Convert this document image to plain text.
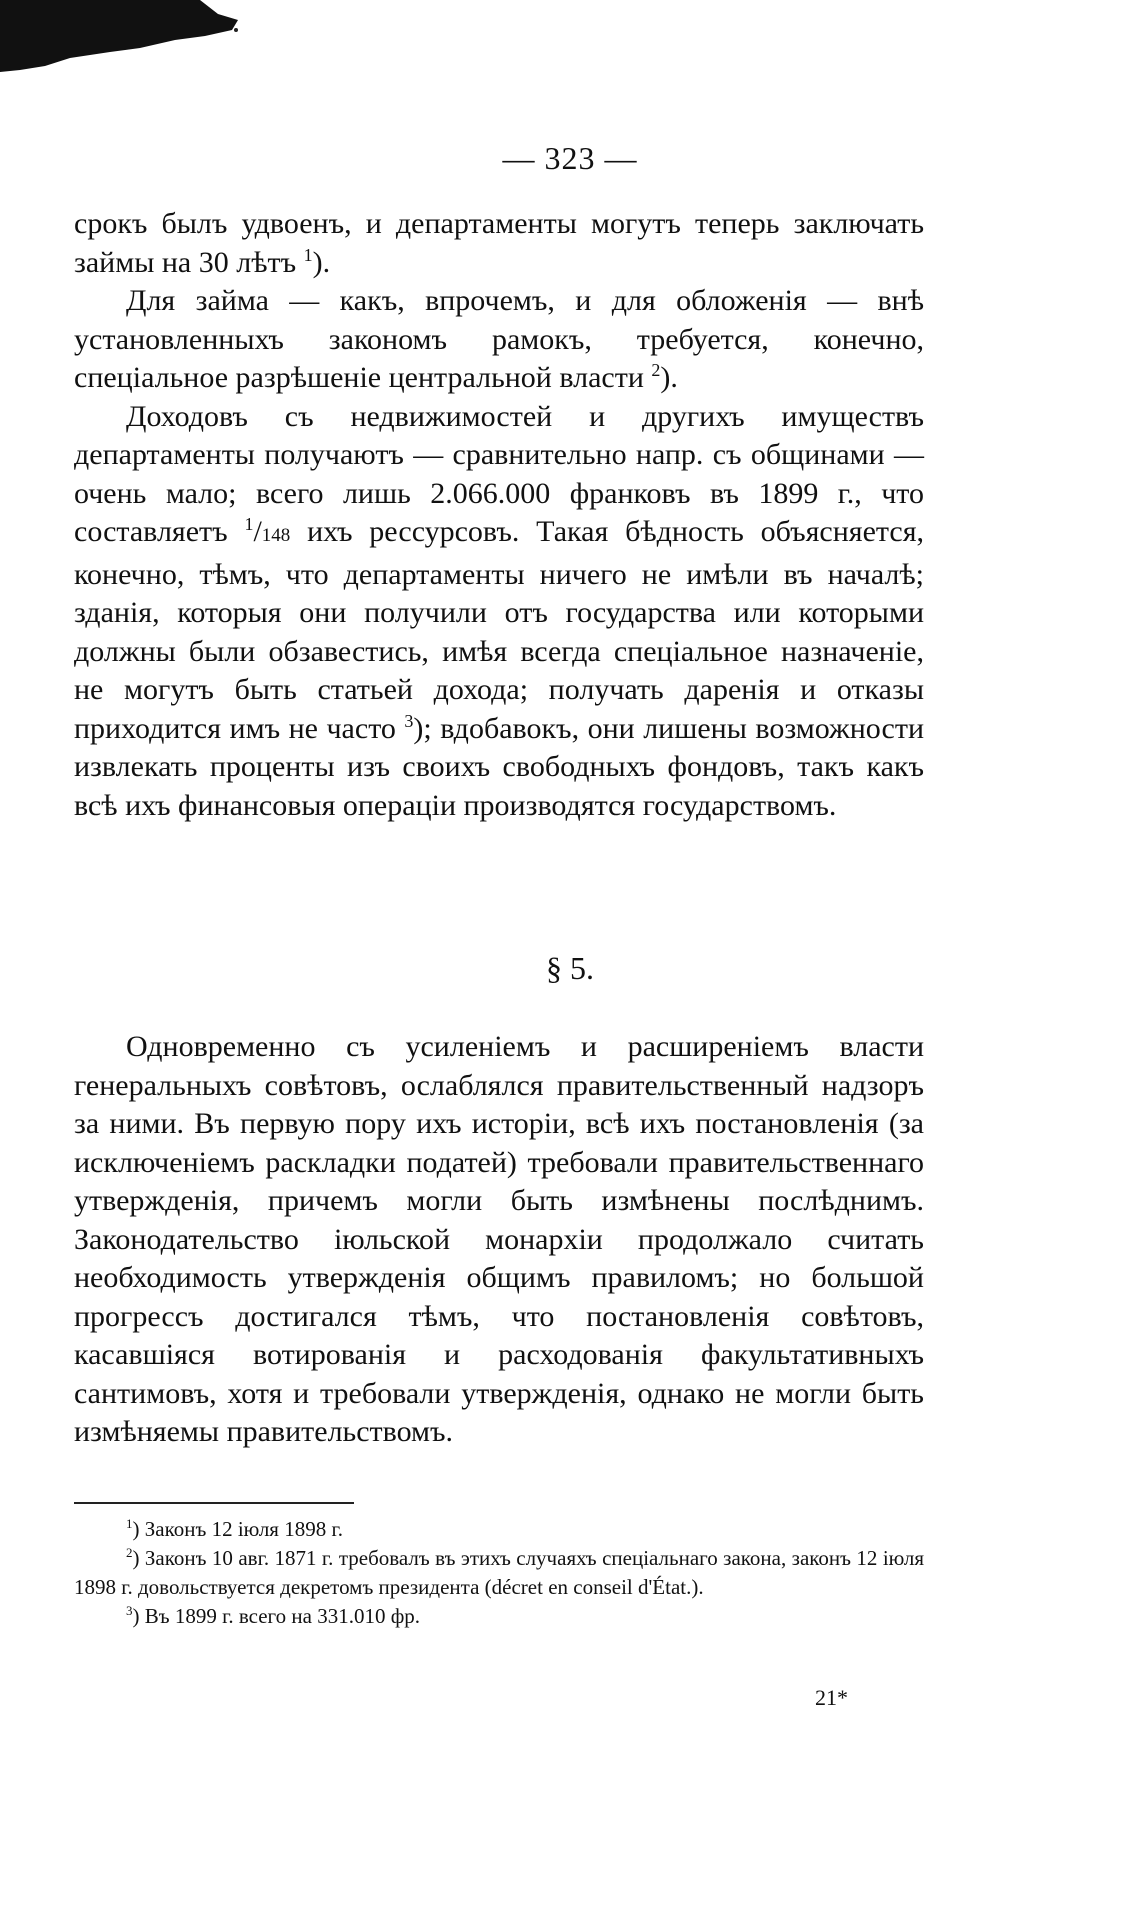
— 323 —

срокъ былъ удвоенъ, и департаменты могутъ теперь заключать займы на 30 лѣтъ $^1$).

Для займа — какъ, впрочемъ, и для обложенія — внѣ установленныхъ закономъ рамокъ, требуется, конечно, спеціальное разрѣшеніе центральной власти $^2$).

Доходовъ съ недвижимостей и другихъ имуществъ департаменты получаютъ — сравнительно напр. съ общинами — очень мало; всего лишь 2.066.000 франковъ въ 1899 г., что составляетъ $^1$/148 ихъ рессурсовъ. Такая бѣдность объясняется, конечно, тѣмъ, что департаменты ничего не имѣли въ началѣ; зданія, которыя они получили отъ государства или которыми должны были обзавестись, имѣя всегда спеціальное назначеніе, не могутъ быть статьей дохода; получать даренія и отказы приходится имъ не часто $^3$); вдобавокъ, они лишены возможности извлекать проценты изъ своихъ свободныхъ фондовъ, такъ какъ всѣ ихъ финансовыя операціи производятся государствомъ.

§ 5.

Одновременно съ усиленіемъ и расширеніемъ власти генеральныхъ совѣтовъ, ослаблялся правительственный надзоръ за ними. Въ первую пору ихъ исторіи, всѣ ихъ постановленія (за исключеніемъ раскладки податей) требовали правительственнаго утвержденія, причемъ могли быть измѣнены послѣднимъ. Законодательство іюльской монархіи продолжало считать необходимость утвержденія общимъ правиломъ; но большой прогрессъ достигался тѣмъ, что постановленія совѣтовъ, касавшіяся вотированія и расходованія факультативныхъ сантимовъ, хотя и требовали утвержденія, однако не могли быть измѣняемы правительствомъ.

$^1$) Законъ 12 іюля 1898 г.

$^2$) Законъ 10 авг. 1871 г. требовалъ въ этихъ случаяхъ спеціальнаго закона, законъ 12 іюля 1898 г. довольствуется декретомъ президента (décret en conseil d'État.).

$^3$) Въ 1899 г. всего на 331.010 фр.

21*
